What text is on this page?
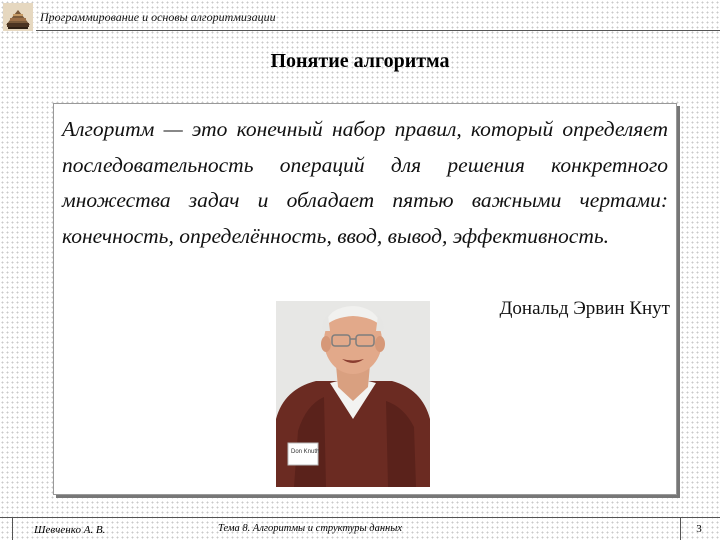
Программирование и основы алгоритмизации
Понятие алгоритма

Алгоритм — это конечный набор правил, который определяет последовательность операций для решения конкретного множества задач и обладает пятью важными чертами: конечность, определённость, ввод, вывод, эффективность.

Дональд Эрвин Кнут
Don Knuth
Шевченко А. В.	Тема 8. Алгоритмы и структуры данных	3
